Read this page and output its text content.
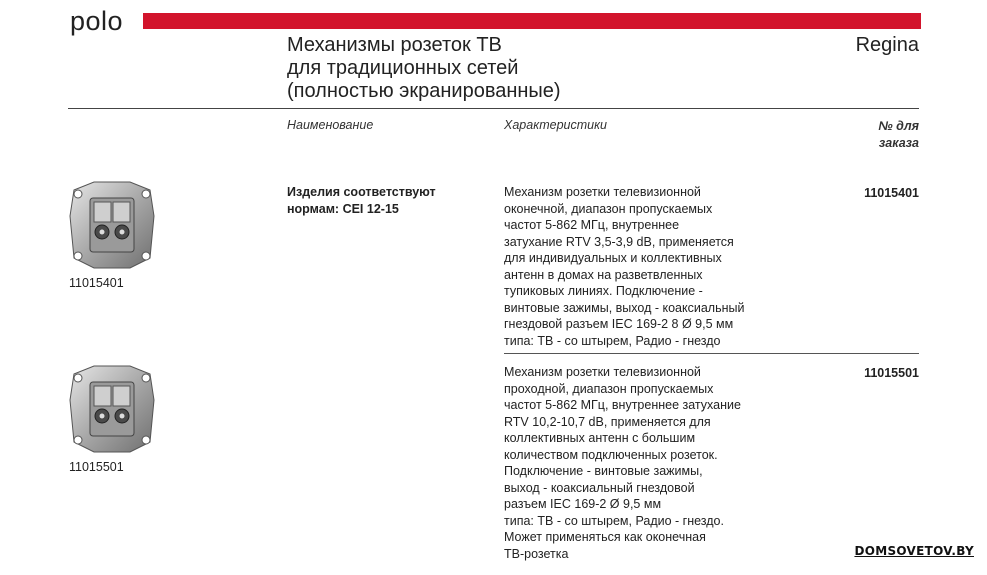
polo
Механизмы розеток ТВ
для традиционных сетей
(полностью экранированные)
Regina
Наименование	Характеристики	№ для
заказа
11015401
Изделия соответствуют
нормам: CEI 12-15
Механизм розетки телевизионной
оконечной, диапазон пропускаемых
частот 5-862 МГц, внутреннее
затухание RTV 3,5-3,9 dB, применяется
для индивидуальных и коллективных
антенн в домах на разветвленных
тупиковых линиях. Подключение -
винтовые зажимы, выход - коаксиальный
гнездовой разъем IEC 169-2 8 Ø 9,5 мм
типа: ТВ - со штырем, Радио - гнездо
11015401
11015501
Механизм розетки телевизионной
проходной, диапазон пропускаемых
частот 5-862 МГц, внутреннее затухание
RTV 10,2-10,7 dB, применяется для
коллективных антенн с большим
количеством подключенных розеток.
Подключение - винтовые зажимы,
выход - коаксиальный гнездовой
разъем IEC 169-2 Ø 9,5 мм
типа: ТВ - со штырем, Радио - гнездо.
Может применяться как оконечная
ТВ-розетка
11015501
DOMSOVETOV.BY
